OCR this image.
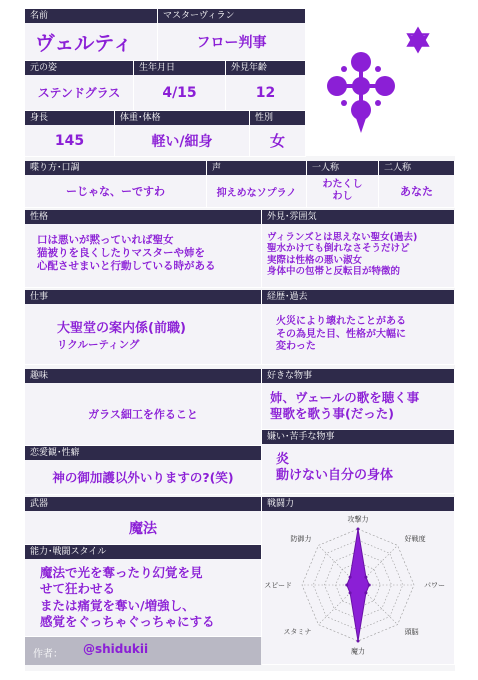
名前
ヴェルティ
マスターヴィラン
フロー判事
元の姿
ステンドグラス
生年月日
4/15
外見年齢
12
身長
145
体重･体格
軽い/細身
性別
女
喋り方･口調
ーじゃな、ーですわ
声
抑えめなソプラノ
一人称
わたくし
わし
二人称
あなた
性格
口は悪いが黙っていれば聖女
猫被りを良くしたりマスターや姉を
心配させまいと行動している時がある
外見･雰囲気
ヴィランズとは思えない聖女(過去)
聖水かけても倒れなさそうだけど
実際は性格の悪い淑女
身体中の包帯と反転目が特徴的
仕事
大聖堂の案内係(前職)
リクルーティング
経歴･過去
火災により壊れたことがある
その為見た目、性格が大幅に
変わった
趣味
ガラス細工を作ること
好きな物事
姉、ヴェールの歌を聴く事
聖歌を歌う事(だった)
嫌い･苦手な物事
炎
動けない自分の身体
恋愛観･性癖
神の御加護以外いりますの?(笑)
武器
魔法
戦闘力
攻撃力
好戦度
パワー
頭脳
魔力
スタミナ
スピード
防御力
能力･戦闘スタイル
魔法で光を奪ったり幻覚を見
せて狂わせる
または痛覚を奪い/増強し、
感覚をぐっちゃぐっちゃにする
作者： @shidukii
